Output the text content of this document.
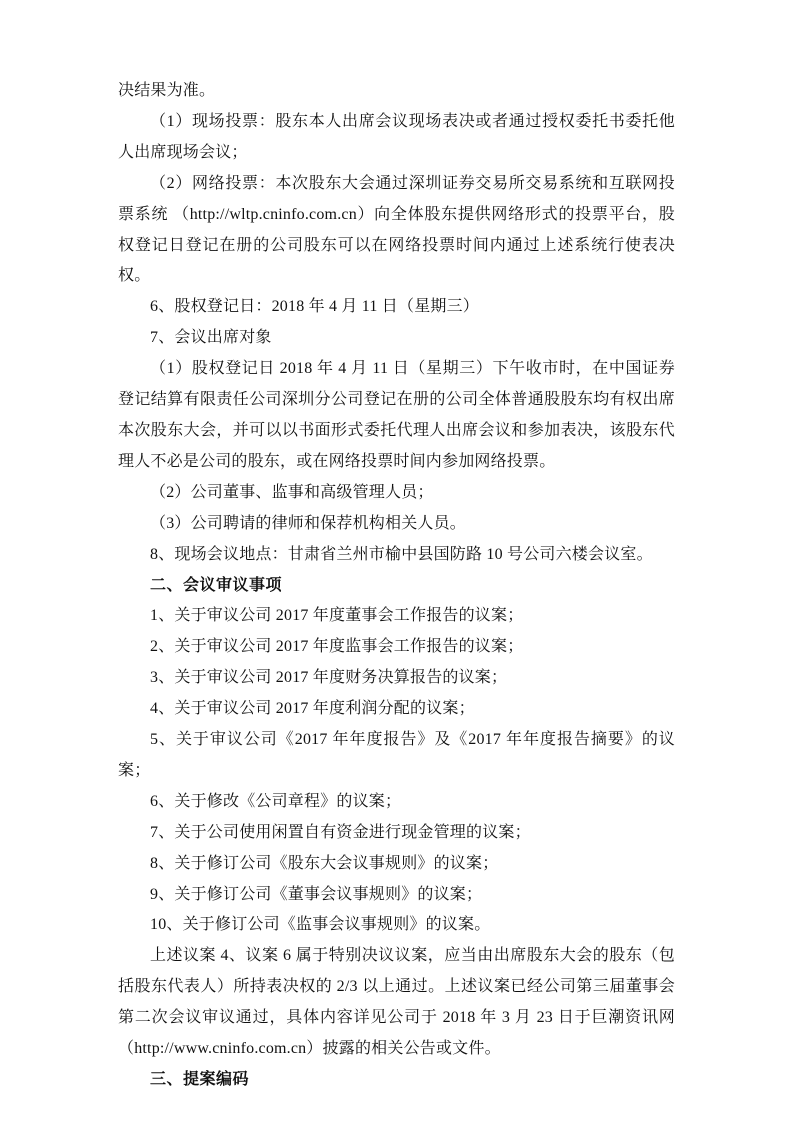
决结果为准。

（1）现场投票：股东本人出席会议现场表决或者通过授权委托书委托他人出席现场会议；

（2）网络投票：本次股东大会通过深圳证券交易所交易系统和互联网投票系统 （http://wltp.cninfo.com.cn）向全体股东提供网络形式的投票平台，股权登记日登记在册的公司股东可以在网络投票时间内通过上述系统行使表决权。

6、股权登记日：2018 年 4 月 11 日（星期三）

7、会议出席对象

（1）股权登记日 2018 年 4 月 11 日（星期三）下午收市时，在中国证券登记结算有限责任公司深圳分公司登记在册的公司全体普通股股东均有权出席本次股东大会，并可以以书面形式委托代理人出席会议和参加表决，该股东代理人不必是公司的股东，或在网络投票时间内参加网络投票。

（2）公司董事、监事和高级管理人员；

（3）公司聘请的律师和保荐机构相关人员。

8、现场会议地点：甘肃省兰州市榆中县国防路 10 号公司六楼会议室。

二、会议审议事项

1、关于审议公司 2017 年度董事会工作报告的议案；

2、关于审议公司 2017 年度监事会工作报告的议案；

3、关于审议公司 2017 年度财务决算报告的议案；

4、关于审议公司 2017 年度利润分配的议案；

5、关于审议公司《2017 年年度报告》及《2017 年年度报告摘要》的议案；

6、关于修改《公司章程》的议案；

7、关于公司使用闲置自有资金进行现金管理的议案；

8、关于修订公司《股东大会议事规则》的议案；

9、关于修订公司《董事会议事规则》的议案；

10、关于修订公司《监事会议事规则》的议案。

上述议案 4、议案 6 属于特别决议议案，应当由出席股东大会的股东（包括股东代表人）所持表决权的 2/3 以上通过。上述议案已经公司第三届董事会第二次会议审议通过，具体内容详见公司于 2018 年 3 月 23 日于巨潮资讯网（http://www.cninfo.com.cn）披露的相关公告或文件。

三、提案编码
